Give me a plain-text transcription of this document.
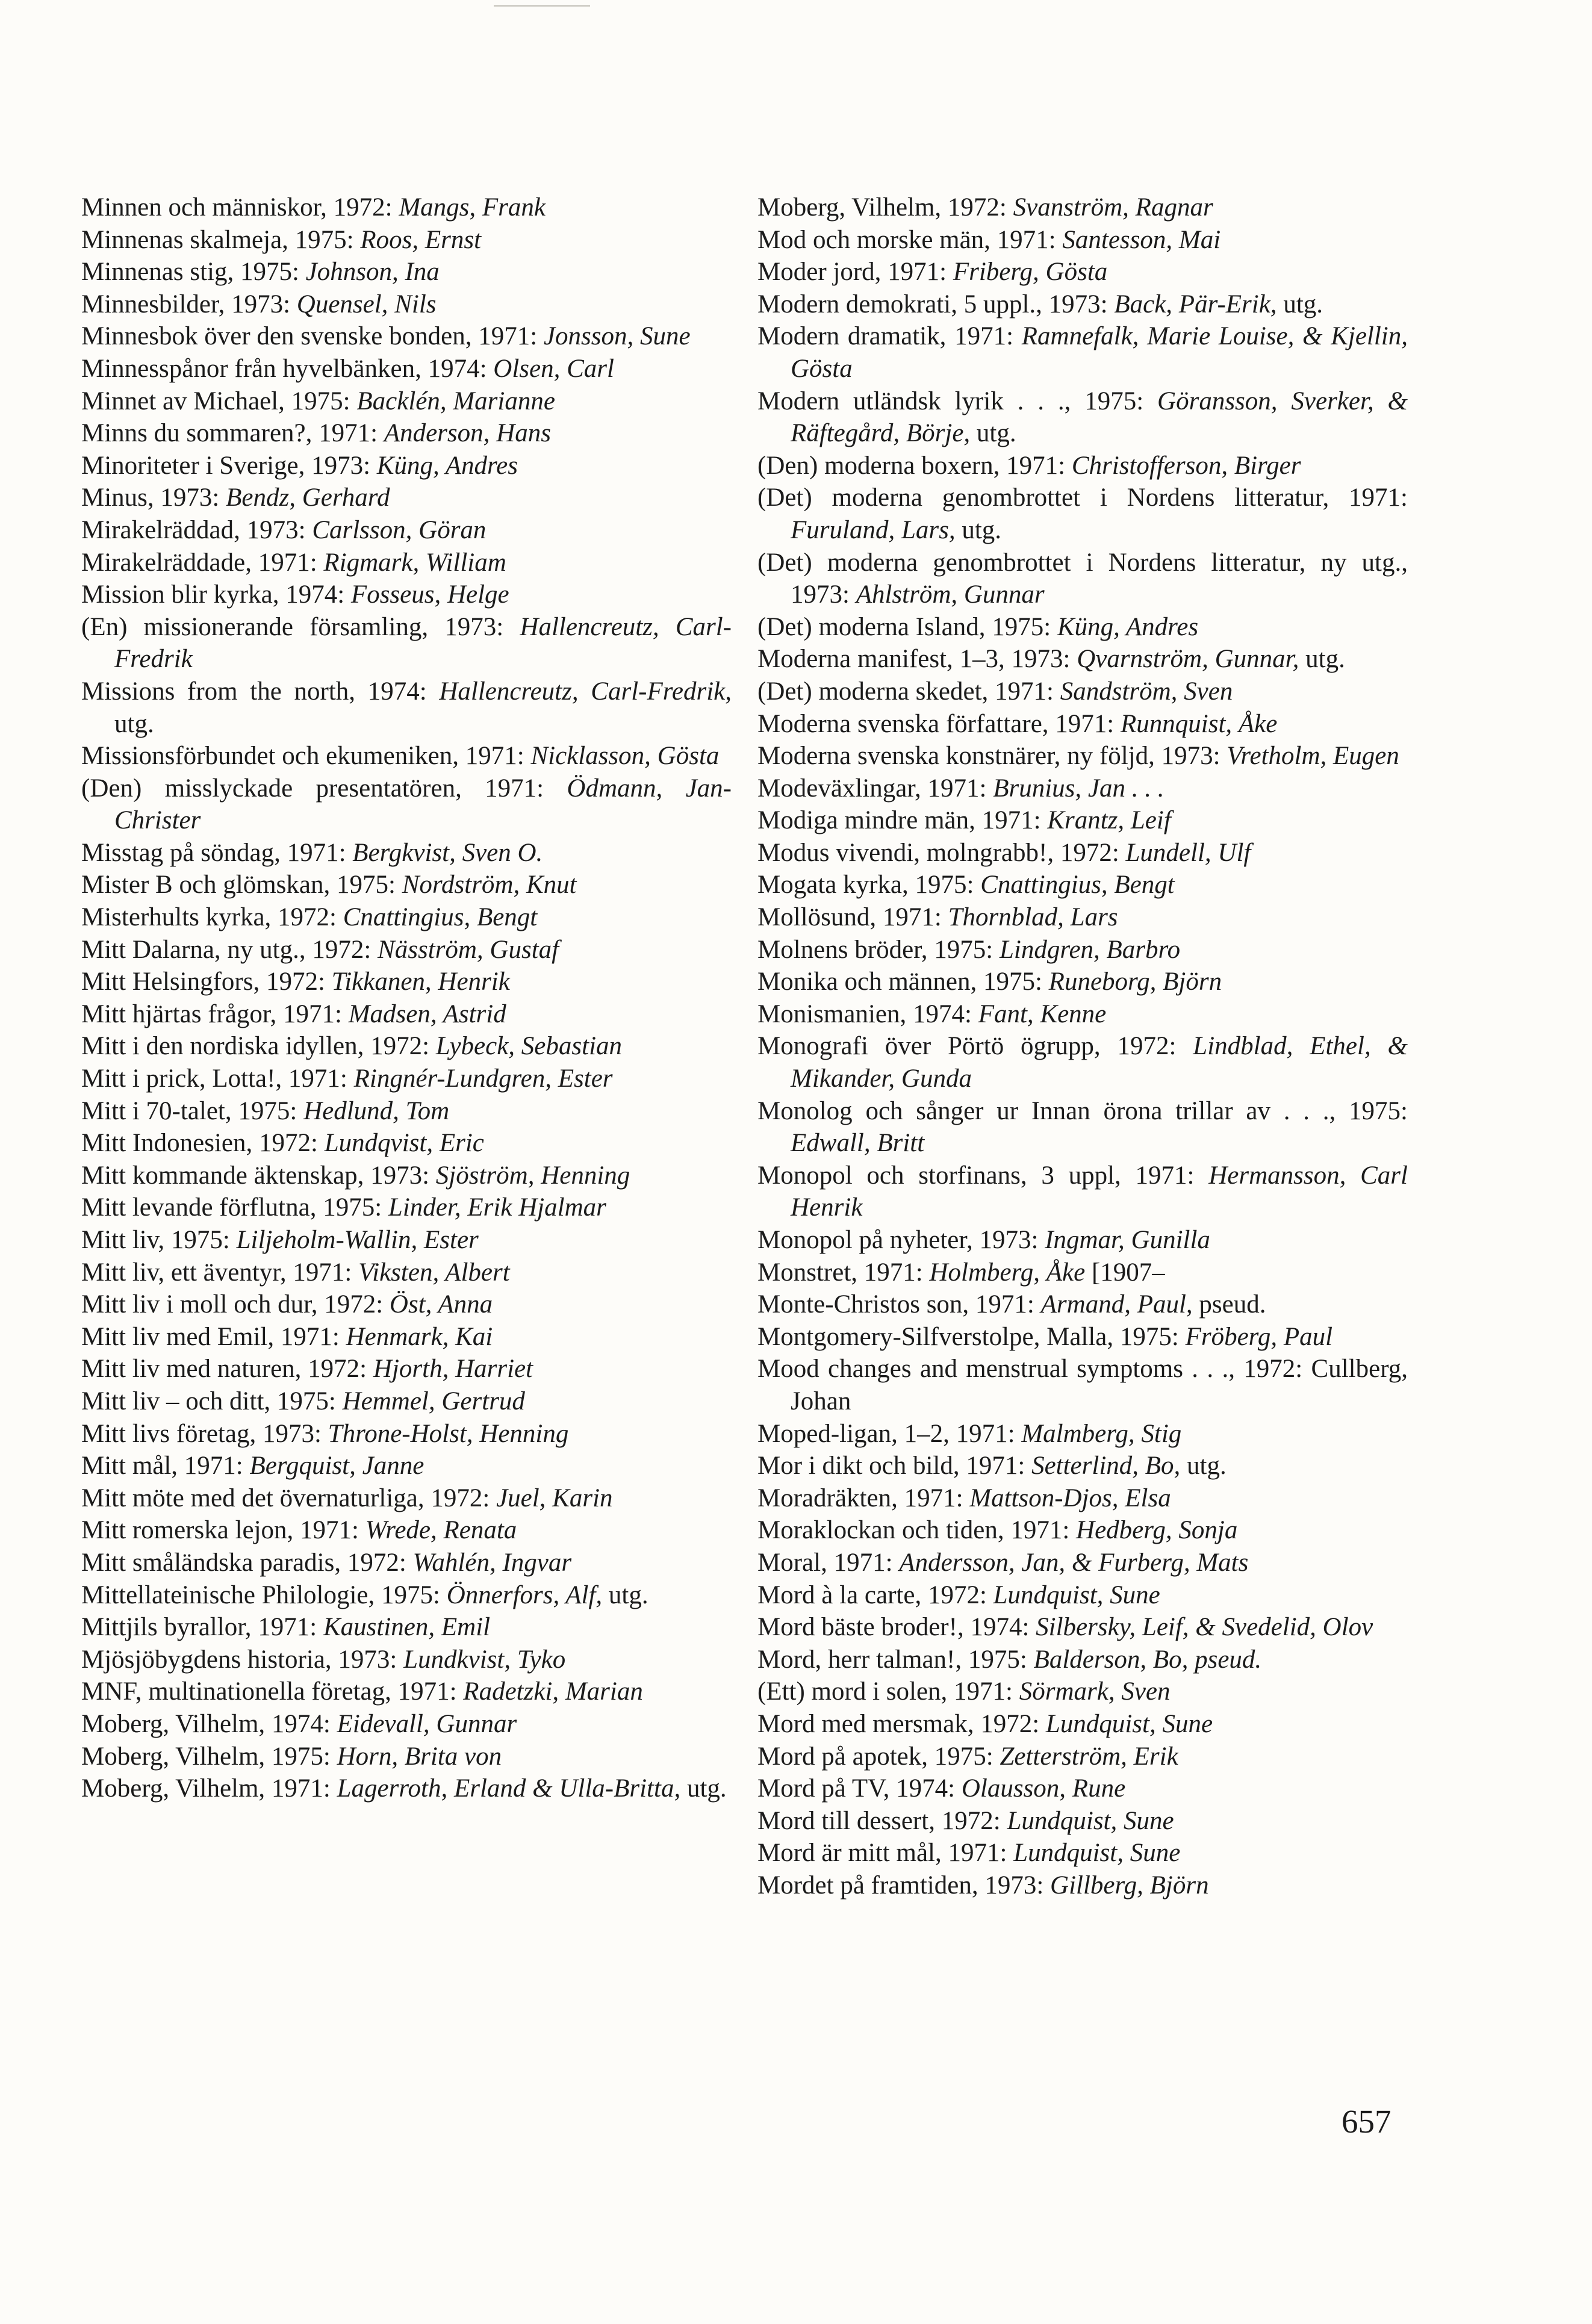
Minnen och människor, 1972: Mangs, Frank

Minnenas skalmeja, 1975: Roos, Ernst

Minnenas stig, 1975: Johnson, Ina

Minnesbilder, 1973: Quensel, Nils

Minnesbok över den svenske bonden, 1971: Jonsson, Sune

Minnesspånor från hyvelbänken, 1974: Olsen, Carl

Minnet av Michael, 1975: Backlén, Marianne

Minns du sommaren?, 1971: Anderson, Hans

Minoriteter i Sverige, 1973: Küng, Andres

Minus, 1973: Bendz, Gerhard

Mirakelräddad, 1973: Carlsson, Göran

Mirakelräddade, 1971: Rigmark, William

Mission blir kyrka, 1974: Fosseus, Helge

(En) missionerande församling, 1973: Hallencreutz, Carl-Fredrik

Missions from the north, 1974: Hallencreutz, Carl-Fredrik, utg.

Missionsförbundet och ekumeniken, 1971: Nicklasson, Gösta

(Den) misslyckade presentatören, 1971: Ödmann, Jan-Christer

Misstag på söndag, 1971: Bergkvist, Sven O.

Mister B och glömskan, 1975: Nordström, Knut

Misterhults kyrka, 1972: Cnattingius, Bengt

Mitt Dalarna, ny utg., 1972: Näsström, Gustaf

Mitt Helsingfors, 1972: Tikkanen, Henrik

Mitt hjärtas frågor, 1971: Madsen, Astrid

Mitt i den nordiska idyllen, 1972: Lybeck, Sebastian

Mitt i prick, Lotta!, 1971: Ringnér-Lundgren, Ester

Mitt i 70-talet, 1975: Hedlund, Tom

Mitt Indonesien, 1972: Lundqvist, Eric

Mitt kommande äktenskap, 1973: Sjöström, Henning

Mitt levande förflutna, 1975: Linder, Erik Hjalmar

Mitt liv, 1975: Liljeholm-Wallin, Ester

Mitt liv, ett äventyr, 1971: Viksten, Albert

Mitt liv i moll och dur, 1972: Öst, Anna

Mitt liv med Emil, 1971: Henmark, Kai

Mitt liv med naturen, 1972: Hjorth, Harriet

Mitt liv – och ditt, 1975: Hemmel, Gertrud

Mitt livs företag, 1973: Throne-Holst, Henning

Mitt mål, 1971: Bergquist, Janne

Mitt möte med det övernaturliga, 1972: Juel, Karin

Mitt romerska lejon, 1971: Wrede, Renata

Mitt småländska paradis, 1972: Wahlén, Ingvar

Mittellateinische Philologie, 1975: Önnerfors, Alf, utg.

Mittjils byrallor, 1971: Kaustinen, Emil

Mjösjöbygdens historia, 1973: Lundkvist, Tyko

MNF, multinationella företag, 1971: Radetzki, Marian

Moberg, Vilhelm, 1974: Eidevall, Gunnar

Moberg, Vilhelm, 1975: Horn, Brita von

Moberg, Vilhelm, 1971: Lagerroth, Erland & Ulla-Britta, utg.

Moberg, Vilhelm, 1972: Svanström, Ragnar

Mod och morske män, 1971: Santesson, Mai

Moder jord, 1971: Friberg, Gösta

Modern demokrati, 5 uppl., 1973: Back, Pär-Erik, utg.

Modern dramatik, 1971: Ramnefalk, Marie Louise, & Kjellin, Gösta

Modern utländsk lyrik . . ., 1975: Göransson, Sverker, & Räftegård, Börje, utg.

(Den) moderna boxern, 1971: Christofferson, Birger

(Det) moderna genombrottet i Nordens litteratur, 1971: Furuland, Lars, utg.

(Det) moderna genombrottet i Nordens litteratur, ny utg., 1973: Ahlström, Gunnar

(Det) moderna Island, 1975: Küng, Andres

Moderna manifest, 1–3, 1973: Qvarnström, Gunnar, utg.

(Det) moderna skedet, 1971: Sandström, Sven

Moderna svenska författare, 1971: Runnquist, Åke

Moderna svenska konstnärer, ny följd, 1973: Vretholm, Eugen

Modeväxlingar, 1971: Brunius, Jan . . .

Modiga mindre män, 1971: Krantz, Leif

Modus vivendi, molngrabb!, 1972: Lundell, Ulf

Mogata kyrka, 1975: Cnattingius, Bengt

Mollösund, 1971: Thornblad, Lars

Molnens bröder, 1975: Lindgren, Barbro

Monika och männen, 1975: Runeborg, Björn

Monismanien, 1974: Fant, Kenne

Monografi över Pörtö ögrupp, 1972: Lindblad, Ethel, & Mikander, Gunda

Monolog och sånger ur Innan öronа trillar av . . ., 1975: Edwall, Britt

Monopol och storfinans, 3 uppl, 1971: Hermansson, Carl Henrik

Monopol på nyheter, 1973: Ingmar, Gunilla

Monstret, 1971: Holmberg, Åke [1907–

Monte-Christos son, 1971: Armand, Paul, pseud.

Montgomery-Silfverstolpe, Malla, 1975: Fröberg, Paul

Mood changes and menstrual symptoms . . ., 1972: Cullberg, Johan

Moped-ligan, 1–2, 1971: Malmberg, Stig

Mor i dikt och bild, 1971: Setterlind, Bo, utg.

Moradräkten, 1971: Mattson-Djos, Elsa

Moraklockan och tiden, 1971: Hedberg, Sonja

Moral, 1971: Andersson, Jan, & Furberg, Mats

Mord à la carte, 1972: Lundquist, Sune

Mord bäste broder!, 1974: Silbersky, Leif, & Svedelid, Olov

Mord, herr talman!, 1975: Balderson, Bo, pseud.

(Ett) mord i solen, 1971: Sörmark, Sven

Mord med mersmak, 1972: Lundquist, Sune

Mord på apotek, 1975: Zetterström, Erik

Mord på TV, 1974: Olausson, Rune

Mord till dessert, 1972: Lundquist, Sune

Mord är mitt mål, 1971: Lundquist, Sune

Mordet på framtiden, 1973: Gillberg, Björn

657
